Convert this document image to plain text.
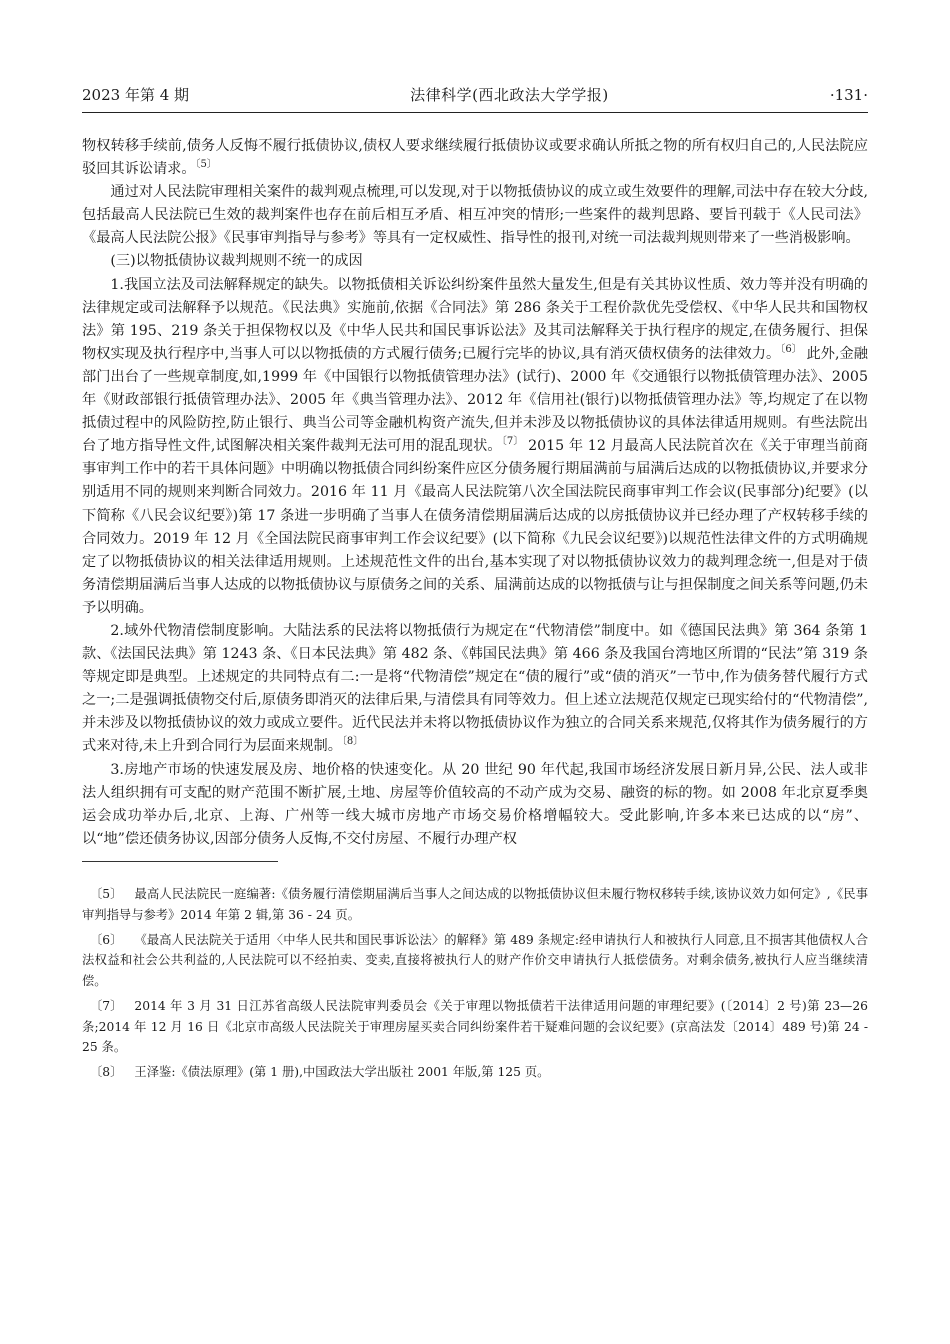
2023 年第 4 期	法律科学(西北政法大学学报)	·131·

物权转移手续前,债务人反悔不履行抵债协议,债权人要求继续履行抵债协议或要求确认所抵之物的所有权归自己的,人民法院应驳回其诉讼请求。$^{〔5〕}$

通过对人民法院审理相关案件的裁判观点梳理,可以发现,对于以物抵债协议的成立或生效要件的理解,司法中存在较大分歧,包括最高人民法院已生效的裁判案件也存在前后相互矛盾、相互冲突的情形;一些案件的裁判思路、要旨刊载于《人民司法》《最高人民法院公报》《民事审判指导与参考》等具有一定权威性、指导性的报刊,对统一司法裁判规则带来了一些消极影响。

(三)以物抵债协议裁判规则不统一的成因

1.我国立法及司法解释规定的缺失。以物抵债相关诉讼纠纷案件虽然大量发生,但是有关其协议性质、效力等并没有明确的法律规定或司法解释予以规范。《民法典》实施前,依据《合同法》第 286 条关于工程价款优先受偿权、《中华人民共和国物权法》第 195、219 条关于担保物权以及《中华人民共和国民事诉讼法》及其司法解释关于执行程序的规定,在债务履行、担保物权实现及执行程序中,当事人可以以物抵债的方式履行债务;已履行完毕的协议,具有消灭债权债务的法律效力。$^{〔6〕}$ 此外,金融部门出台了一些规章制度,如,1999 年《中国银行以物抵债管理办法》(试行)、2000 年《交通银行以物抵债管理办法》、2005 年《财政部银行抵债管理办法》、2005 年《典当管理办法》、2012 年《信用社(银行)以物抵债管理办法》等,均规定了在以物抵债过程中的风险防控,防止银行、典当公司等金融机构资产流失,但并未涉及以物抵债协议的具体法律适用规则。有些法院出台了地方指导性文件,试图解决相关案件裁判无法可用的混乱现状。$^{〔7〕}$ 2015 年 12 月最高人民法院首次在《关于审理当前商事审判工作中的若干具体问题》中明确以物抵债合同纠纷案件应区分债务履行期届满前与届满后达成的以物抵债协议,并要求分别适用不同的规则来判断合同效力。2016 年 11 月《最高人民法院第八次全国法院民商事审判工作会议(民事部分)纪要》(以下简称《八民会议纪要》)第 17 条进一步明确了当事人在债务清偿期届满后达成的以房抵债协议并已经办理了产权转移手续的合同效力。2019 年 12 月《全国法院民商事审判工作会议纪要》(以下简称《九民会议纪要》)以规范性法律文件的方式明确规定了以物抵债协议的相关法律适用规则。上述规范性文件的出台,基本实现了对以物抵债协议效力的裁判理念统一,但是对于债务清偿期届满后当事人达成的以物抵债协议与原债务之间的关系、届满前达成的以物抵债与让与担保制度之间关系等问题,仍未予以明确。

2.域外代物清偿制度影响。大陆法系的民法将以物抵债行为规定在“代物清偿”制度中。如《德国民法典》第 364 条第 1 款、《法国民法典》第 1243 条、《日本民法典》第 482 条、《韩国民法典》第 466 条及我国台湾地区所谓的“民法”第 319 条等规定即是典型。上述规定的共同特点有二:一是将“代物清偿”规定在“债的履行”或“债的消灭”一节中,作为债务替代履行方式之一;二是强调抵债物交付后,原债务即消灭的法律后果,与清偿具有同等效力。但上述立法规范仅规定已现实给付的“代物清偿”,并未涉及以物抵债协议的效力或成立要件。近代民法并未将以物抵债协议作为独立的合同关系来规范,仅将其作为债务履行的方式来对待,未上升到合同行为层面来规制。$^{〔8〕}$

3.房地产市场的快速发展及房、地价格的快速变化。从 20 世纪 90 年代起,我国市场经济发展日新月异,公民、法人或非法人组织拥有可支配的财产范围不断扩展,土地、房屋等价值较高的不动产成为交易、融资的标的物。如 2008 年北京夏季奥运会成功举办后,北京、上海、广州等一线大城市房地产市场交易价格增幅较大。受此影响,许多本来已达成的以“房”、以“地”偿还债务协议,因部分债务人反悔,不交付房屋、不履行办理产权

〔5〕 最高人民法院民一庭编著:《债务履行清偿期届满后当事人之间达成的以物抵债协议但未履行物权移转手续,该协议效力如何定》,《民事审判指导与参考》2014 年第 2 辑,第 36 - 24 页。

〔6〕 《最高人民法院关于适用〈中华人民共和国民事诉讼法〉的解释》第 489 条规定:经申请执行人和被执行人同意,且不损害其他债权人合法权益和社会公共利益的,人民法院可以不经拍卖、变卖,直接将被执行人的财产作价交申请执行人抵偿债务。对剩余债务,被执行人应当继续清偿。

〔7〕 2014 年 3 月 31 日江苏省高级人民法院审判委员会《关于审理以物抵债若干法律适用问题的审理纪要》(〔2014〕2 号)第 23—26 条;2014 年 12 月 16 日《北京市高级人民法院关于审理房屋买卖合同纠纷案件若干疑难问题的会议纪要》(京高法发〔2014〕489 号)第 24 - 25 条。

〔8〕 王泽鉴:《债法原理》(第 1 册),中国政法大学出版社 2001 年版,第 125 页。
